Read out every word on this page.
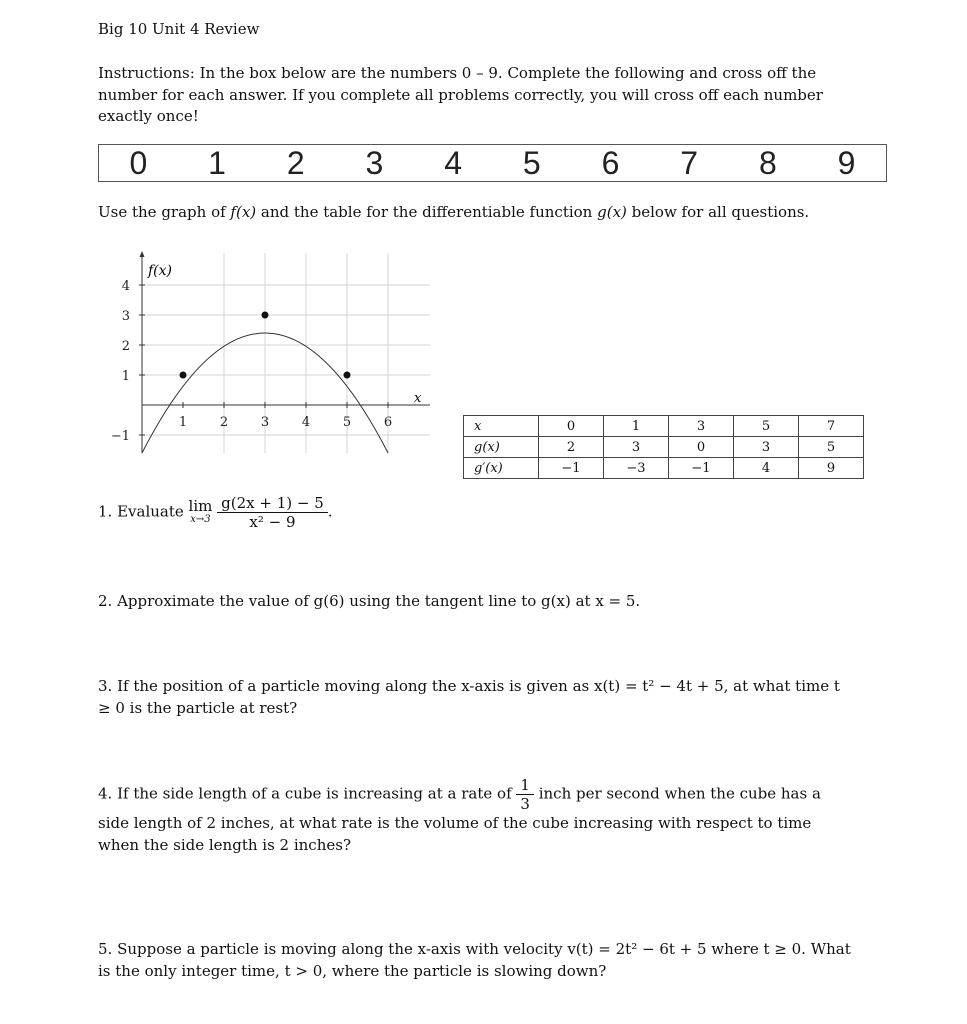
Big 10 Unit 4 Review
Instructions: In the box below are the numbers 0 – 9. Complete the following and cross off the number for each answer. If you complete all problems correctly, you will cross off each number exactly once!
0	1	2	3	4	5	6	7	8	9
Use the graph of f(x) and the table for the differentiable function g(x) below for all questions.
f(x)
x
1	2	3	4	5	6
4
3
2
1
−1
x	0	1	3	5	7
g(x)	2	3	0	3	5
g′(x)	−1	−3	−1	4	9
1. Evaluate lim
x→3
$\frac{g(2x + 1) - 5}{\text{x² − 9}}$ .
2. Approximate the value of g(6) using the tangent line to g(x) at x = 5.
3. If the position of a particle moving along the x-axis is given as x(t) = t² − 4t + 5, at what time t ≥ 0 is the particle at rest?
4. If the side length of a cube is increasing at a rate of $\frac{1}{3}$ inch per second when the cube has a side length of 2 inches, at what rate is the volume of the cube increasing with respect to time when the side length is 2 inches?
5. Suppose a particle is moving along the x-axis with velocity v(t) = 2t² − 6t + 5 where t ≥ 0. What is the only integer time, t > 0, where the particle is slowing down?
